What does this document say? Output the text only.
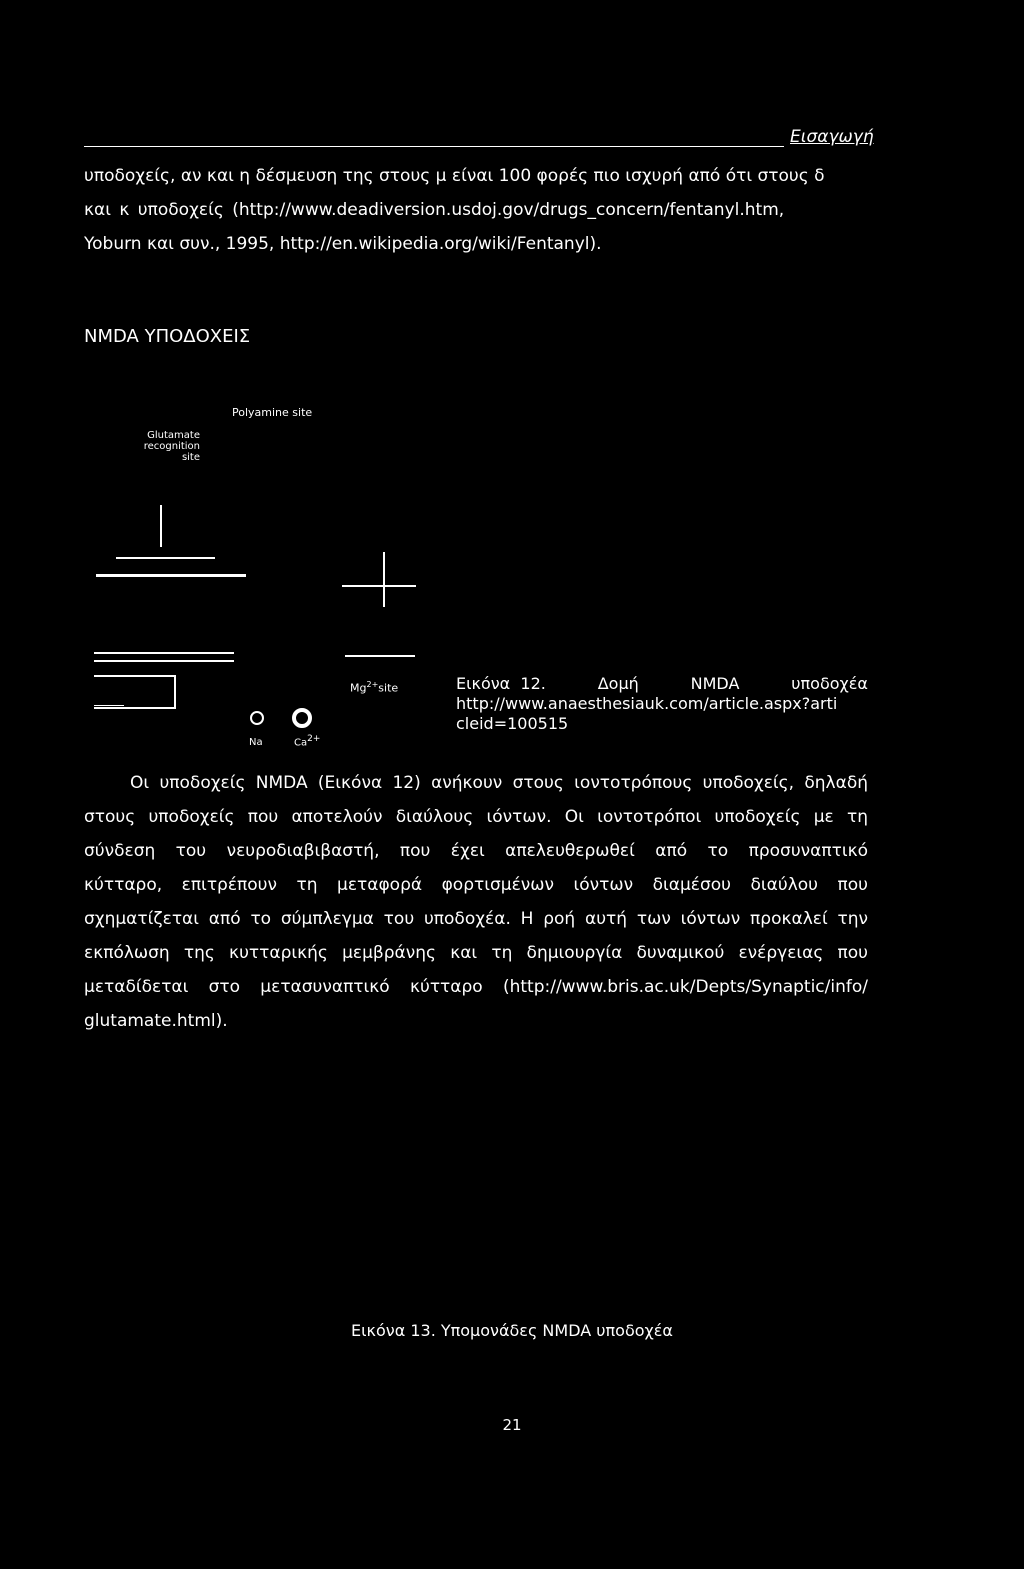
Εισαγωγή
υποδοχείς, αν και η δέσμευση της στους μ είναι 100 φορές πιο ισχυρή από ότι στους δ
και κ υποδοχείς (http://www.deadiversion.usdoj.gov/drugs_concern/fentanyl.htm,
Yoburn και συν., 1995, http://en.wikipedia.org/wiki/Fentanyl).
NMDA ΥΠΟΔΟΧΕΙΣ
Glutamate
recognition site
Polyamine site
$Mg^{2+}site$
Na	$Ca^{2+}$
Εικόνα 12.	Δομή	NMDA	υποδοχέα
http://www.anaesthesiauk.com/article.aspx?arti
cleid=100515
Οι υποδοχείς NMDA (Εικόνα 12) ανήκουν στους ιοντοτρόπους υποδοχείς, δηλαδή
στους υποδοχείς που αποτελούν διαύλους ιόντων. Οι ιοντοτρόποι υποδοχείς με τη
σύνδεση του νευροδιαβιβαστή, που έχει απελευθερωθεί από το προσυναπτικό
κύτταρο, επιτρέπουν τη μεταφορά φορτισμένων ιόντων διαμέσου διαύλου που
σχηματίζεται από το σύμπλεγμα του υποδοχέα. Η ροή αυτή των ιόντων προκαλεί την
εκπόλωση της κυτταρικής μεμβράνης και τη δημιουργία δυναμικού ενέργειας που
μεταδίδεται στο μετασυναπτικό κύτταρο (http://www.bris.ac.uk/Depts/Synaptic/info/
glutamate.html).
Εικόνα 13. Υπομονάδες NMDA υποδοχέα
21
